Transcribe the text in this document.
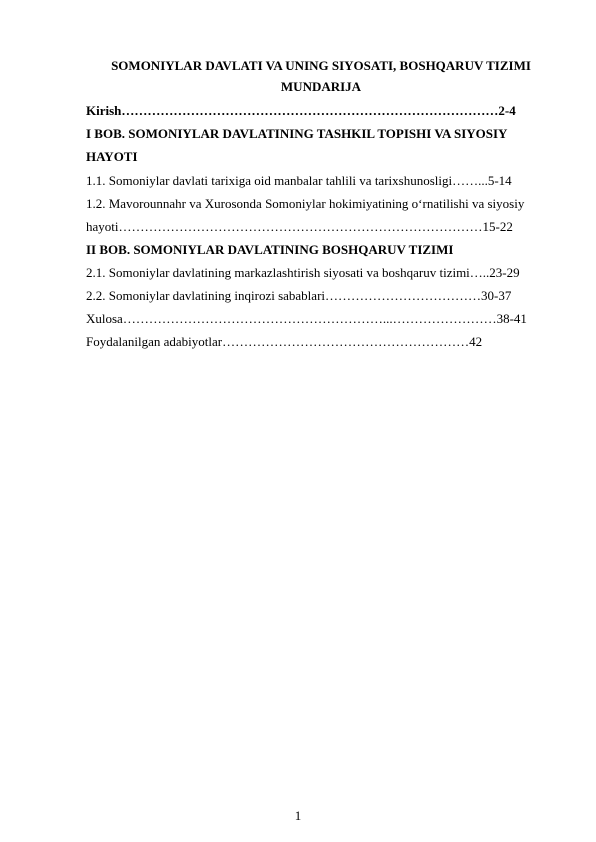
SOMONIYLAR DAVLATI VA UNING SIYOSATI, BOSHQARUV TIZIMI
MUNDARIJA
Kirish……………………………………………………………………………2-4
I BOB. SOMONIYLAR DAVLATINING TASHKIL TOPISHI VA SIYOSIY
HAYOTI
1.1. Somoniylar davlati tarixiga oid manbalar tahlili va tarixshunosligi……...5-14
1.2. Mavorounnahr va Xurosonda Somoniylar hokimiyatining o‘rnatilishi va siyosiy
hayoti…………………………………………………………………………15-22
II BOB. SOMONIYLAR DAVLATINING BOSHQARUV TIZIMI
2.1. Somoniylar davlatining markazlashtirish siyosati va boshqaruv tizimi…..23-29
2.2. Somoniylar davlatining inqirozi sabablari………………………………30-37
Xulosa……………………………………………………...……………………38-41
Foydalanilgan adabiyotlar…………………………………………………42
1
